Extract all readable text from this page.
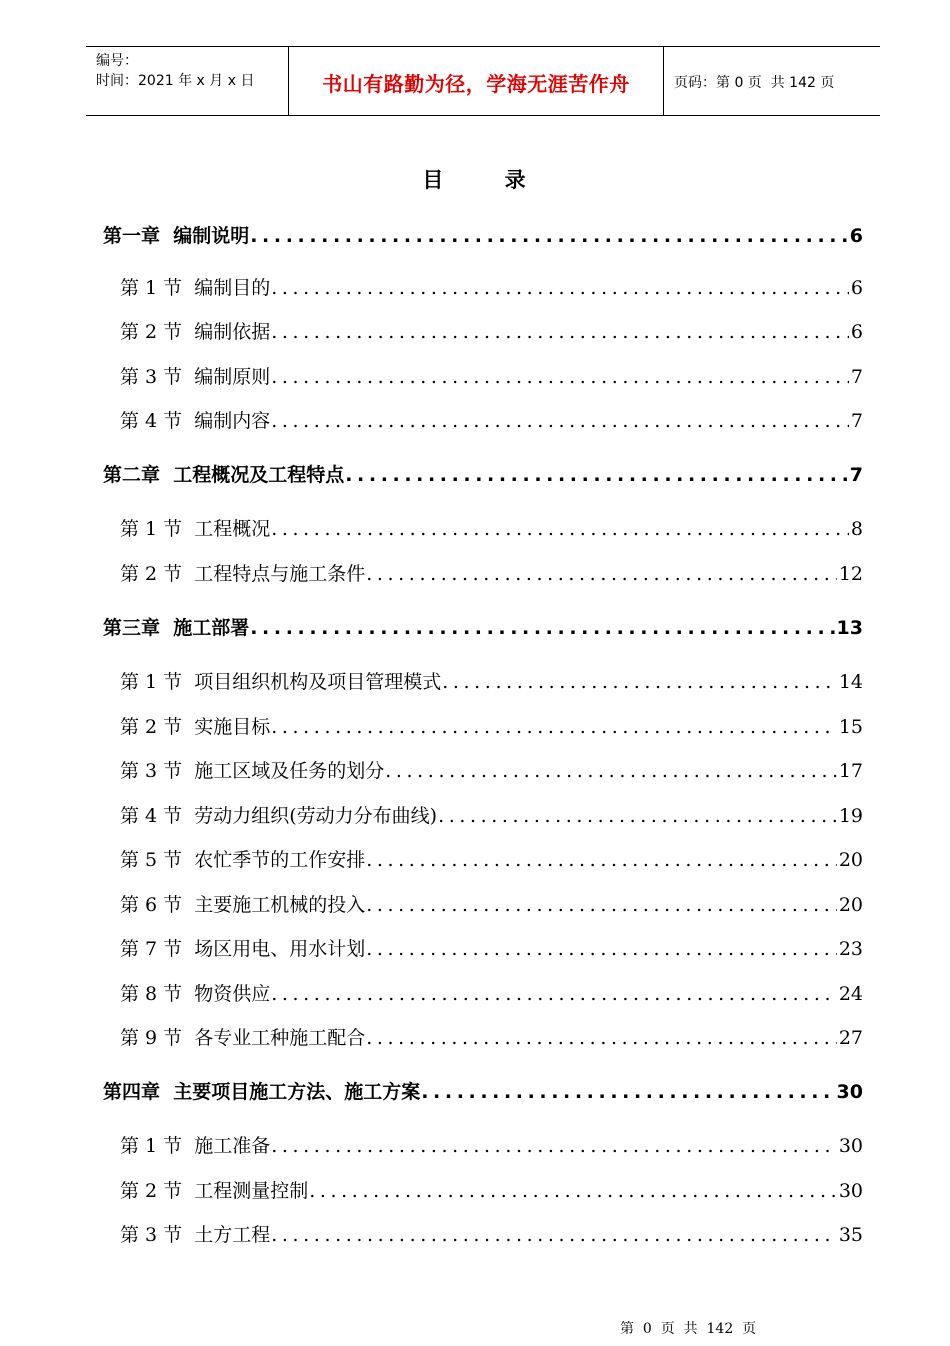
编号：
时间：2021 年 x 月 x 日	书山有路勤为径，学海无涯苦作舟	页码：第 0 页  共 142 页
目 录
第一章  编制说明 .....	6
第 1 节  编制目的 .....	6
第 2 节  编制依据 .....	6
第 3 节  编制原则 .....	7
第 4 节  编制内容 .....	7
第二章  工程概况及工程特点 .....	7
第 1 节  工程概况 .....	8
第 2 节  工程特点与施工条件 .....	12
第三章  施工部署 .....	13
第 1 节  项目组织机构及项目管理模式 .....	14
第 2 节  实施目标 .....	15
第 3 节  施工区域及任务的划分 .....	17
第 4 节  劳动力组织(劳动力分布曲线) .....	19
第 5 节  农忙季节的工作安排 .....	20
第 6 节  主要施工机械的投入 .....	20
第 7 节  场区用电、用水计划 .....	23
第 8 节  物资供应 .....	24
第 9 节  各专业工种施工配合 .....	27
第四章  主要项目施工方法、施工方案 .....	30
第 1 节  施工准备 .....	30
第 2 节  工程测量控制 .....	30
第 3 节  土方工程 .....	35
第  0  页  共  142  页
